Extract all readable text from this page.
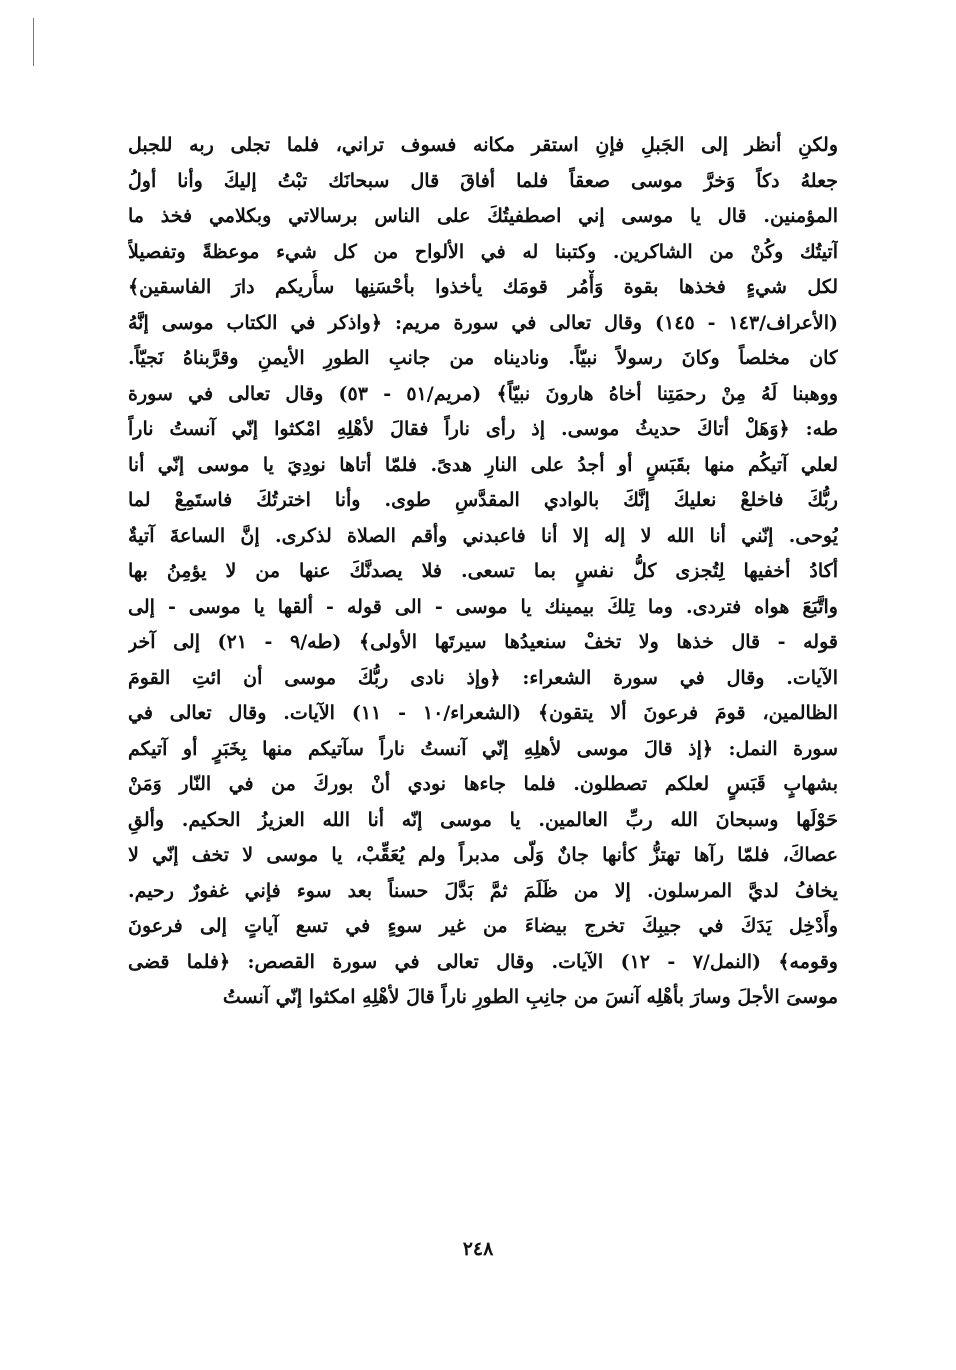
ولكنِ أنظر إلى الجَبلِ فإنِ استقر مكانه فسوف تراني، فلما تجلى ربه للجبل
جعلهُ دكاً وَخرَّ موسى صعقاً فلما أفاقَ قال سبحانَك تبْتُ إليكَ وأنا أولُ
المؤمنين. قال يا موسى إني اصطفيتُكَ على الناس برسالاتي وبكلامي فخذ ما
آتيتُك وكُنْ من الشاكرين. وكتبنا له في الألواح من كل شيء موعظةً وتفصيلاً
لكل شيءٍ فخذها بقوة وَأْمُر قومَك يأخذوا بأحْسَنِها سأُريكم دارَ الفاسقين﴾
(الأعراف/١٤٣ - ١٤٥) وقال تعالى في سورة مريم: ﴿واذكر في الكتاب موسى إنَّهُ
كان مخلصاً وكانَ رسولاً نبيّاً. وناديناه من جانبِ الطورِ الأيمنِ وقرَّبناهُ نَجيّاً.
ووهبنا لَهُ مِنْ رحمَتِنا أخاهُ هارونَ نبيّاً﴾ (مريم/٥١ - ٥٣) وقال تعالى في سورة
طه: ﴿وَهَلْ أتاكَ حديثُ موسى. إذ رأى ناراً فقالَ لأهْلِهِ امْكثوا إنّي آنستُ ناراً
لعلي آتيكُم منها بقَبَسٍ أو أجدُ على النارِ هدىً. فلمّا أتاها نودِيَ يا موسى إنّي أنا
ربُّكَ فاخلعْ نعليكَ إنَّكَ بالوادي المقدَّسِ طوى. وأنا اخترتُكَ فاستَمِعْ لما
يُوحى. إنّني أنا الله لا إله إلا أنا فاعبدني وأقم الصلاة لذكرى. إنَّ الساعةَ آتيةٌ
أكادُ أخفيها لِتُجزى كلُّ نفسٍ بما تسعى. فلا يصدنَّكَ عنها من لا يؤمِنُ بها
واتَّبَعَ هواه فتردى. وما تِلكَ بيمينك يا موسى - الى قوله - ألقها يا موسى - إلى
قوله - قال خذها ولا تخفْ سنعيدُها سيرتَها الأولى﴾ (طه/٩ - ٢١) إلى آخر
الآيات. وقال في سورة الشعراء: ﴿وإذ نادى ربُّكَ موسى أن ائتِ القومَ
الظالمين، قومَ فرعونَ ألا يتقون﴾ (الشعراء/١٠ - ١١) الآيات. وقال تعالى في
سورة النمل: ﴿إذ قالَ موسى لأهلِهِ إنّي آنستُ ناراً سآتيكم منها بِخَبَرٍ أو آتيكم
بشهابٍ قَبَسٍ لعلكم تصطلون. فلما جاءها نودي أنْ بوركَ من في النّار وَمَنْ
حَوْلَها وسبحانَ الله ربِّ العالمين. يا موسى إنّه أنا الله العزيزُ الحكيم. وألقِ
عصاكَ، فلمّا رآها تهتزُّ كأنها جانٌ وَلّى مدبراً ولم يُعَقِّبْ، يا موسى لا تخف إنّي لا
يخافُ لديَّ المرسلون. إلا من ظَلَمَ ثمَّ بَدَّلَ حسناً بعد سوء فإني غفورٌ رحيم.
وأَدْخِل يَدَكَ في جيبِكَ تخرج بيضاءَ من غير سوءٍ في تسع آياتٍ إلى فرعونَ
وقومه﴾ (النمل/٧ - ١٢) الآيات. وقال تعالى في سورة القصص: ﴿فلما قضى
موسىَ الأجلَ وسارَ بأهْلِه آنسَ من جانِبِ الطورِ ناراً قالَ لأهْلِهِ امكثوا إنّي آنستُ
٢٤٨
